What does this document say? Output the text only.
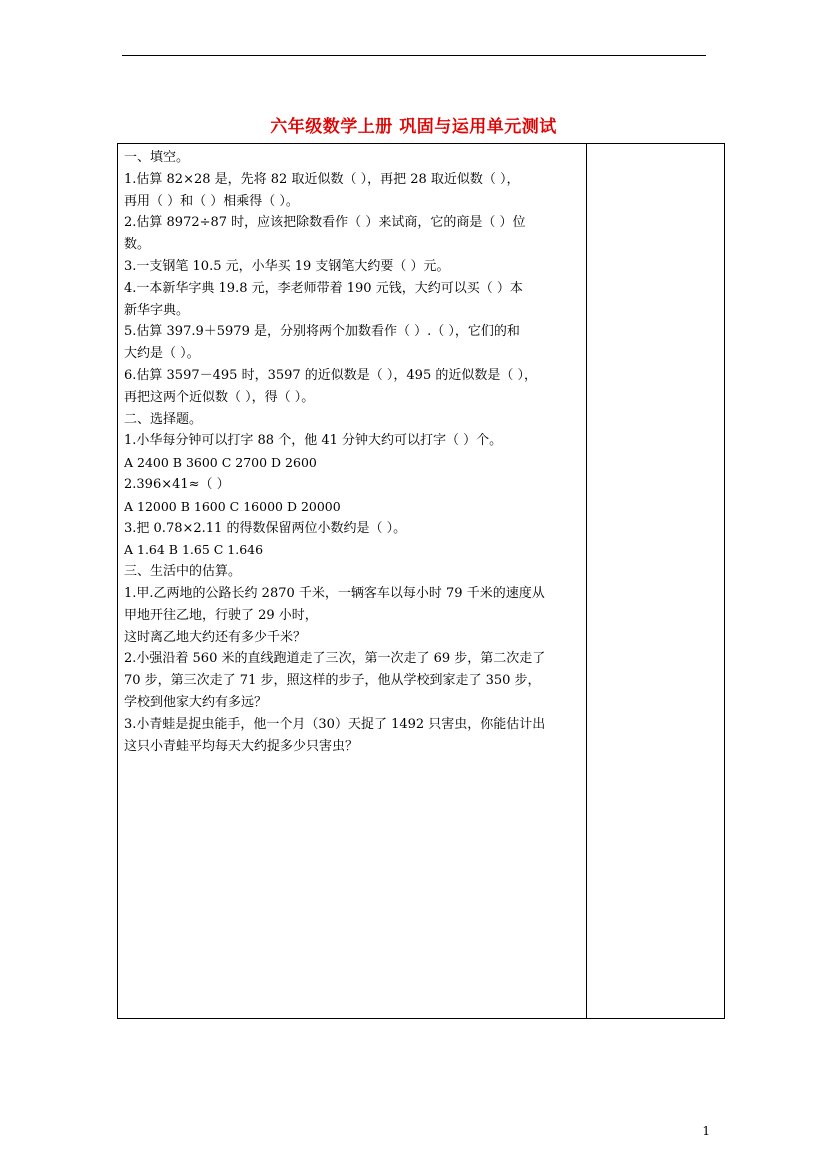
六年级数学上册 巩固与运用单元测试
一、填空。
1.估算 82×28 是，先将 82 取近似数（ ），再把 28 取近似数（ ），
再用（ ）和（ ）相乘得（ ）。
2.估算 8972÷87 时，应该把除数看作（ ）来试商，它的商是（ ）位
数。
3.一支钢笔 10.5 元，小华买 19 支钢笔大约要（ ）元。
4.一本新华字典 19.8 元，李老师带着 190 元钱，大约可以买（ ）本
新华字典。
5.估算 397.9＋5979 是，分别将两个加数看作（ ）.（ ），它们的和
大约是（ ）。
6.估算 3597－495 时，3597 的近似数是（ ），495 的近似数是（ ），
再把这两个近似数（ ），得（ ）。
二、选择题。
1.小华每分钟可以打字 88 个，他 41 分钟大约可以打字（ ）个。
A 2400 B 3600 C 2700 D 2600
2.396×41≈（ ）
A 12000 B 1600 C 16000 D 20000
3.把 0.78×2.11 的得数保留两位小数约是（ ）。
A 1.64 B 1.65 C 1.646
三、生活中的估算。
1.甲.乙两地的公路长约 2870 千米，一辆客车以每小时 79 千米的速度从
甲地开往乙地，行驶了 29 小时，
这时离乙地大约还有多少千米？
2.小强沿着 560 米的直线跑道走了三次，第一次走了 69 步，第二次走了
70 步，第三次走了 71 步，照这样的步子，他从学校到家走了 350 步，
学校到他家大约有多远？
3.小青蛙是捉虫能手，他一个月（30）天捉了 1492 只害虫，你能估计出
这只小青蛙平均每天大约捉多少只害虫？
1
